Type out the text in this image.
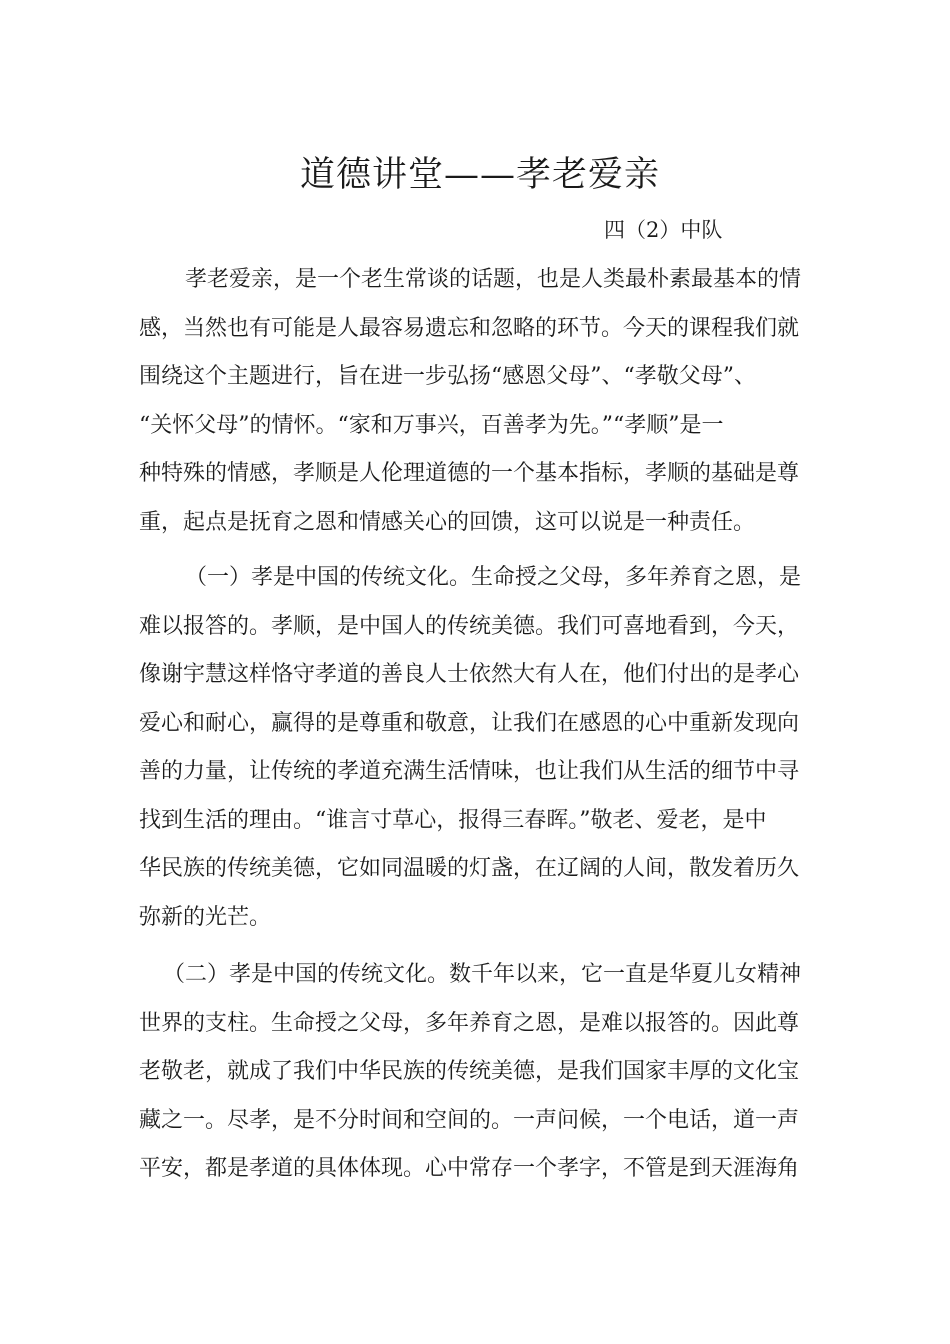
道德讲堂——孝老爱亲
四（2）中队
孝老爱亲，是一个老生常谈的话题，也是人类最朴素最基本的情
感，当然也有可能是人最容易遗忘和忽略的环节。今天的课程我们就
围绕这个主题进行，旨在进一步弘扬“感恩父母”、“孝敬父母”、
“关怀父母”的情怀。“家和万事兴，百善孝为先。”“孝顺”是一
种特殊的情感，孝顺是人伦理道德的一个基本指标，孝顺的基础是尊
重，起点是抚育之恩和情感关心的回馈，这可以说是一种责任。
（一）孝是中国的传统文化。生命授之父母，多年养育之恩，是
难以报答的。孝顺，是中国人的传统美德。我们可喜地看到，今天，
像谢宇慧这样恪守孝道的善良人士依然大有人在，他们付出的是孝心
爱心和耐心，赢得的是尊重和敬意，让我们在感恩的心中重新发现向
善的力量，让传统的孝道充满生活情味，也让我们从生活的细节中寻
找到生活的理由。“谁言寸草心，报得三春晖。”敬老、爱老，是中
华民族的传统美德，它如同温暖的灯盏，在辽阔的人间，散发着历久
弥新的光芒。
（二）孝是中国的传统文化。数千年以来，它一直是华夏儿女精神
世界的支柱。生命授之父母，多年养育之恩，是难以报答的。因此尊
老敬老，就成了我们中华民族的传统美德，是我们国家丰厚的文化宝
藏之一。尽孝，是不分时间和空间的。一声问候，一个电话，道一声
平安，都是孝道的具体体现。心中常存一个孝字，不管是到天涯海角
